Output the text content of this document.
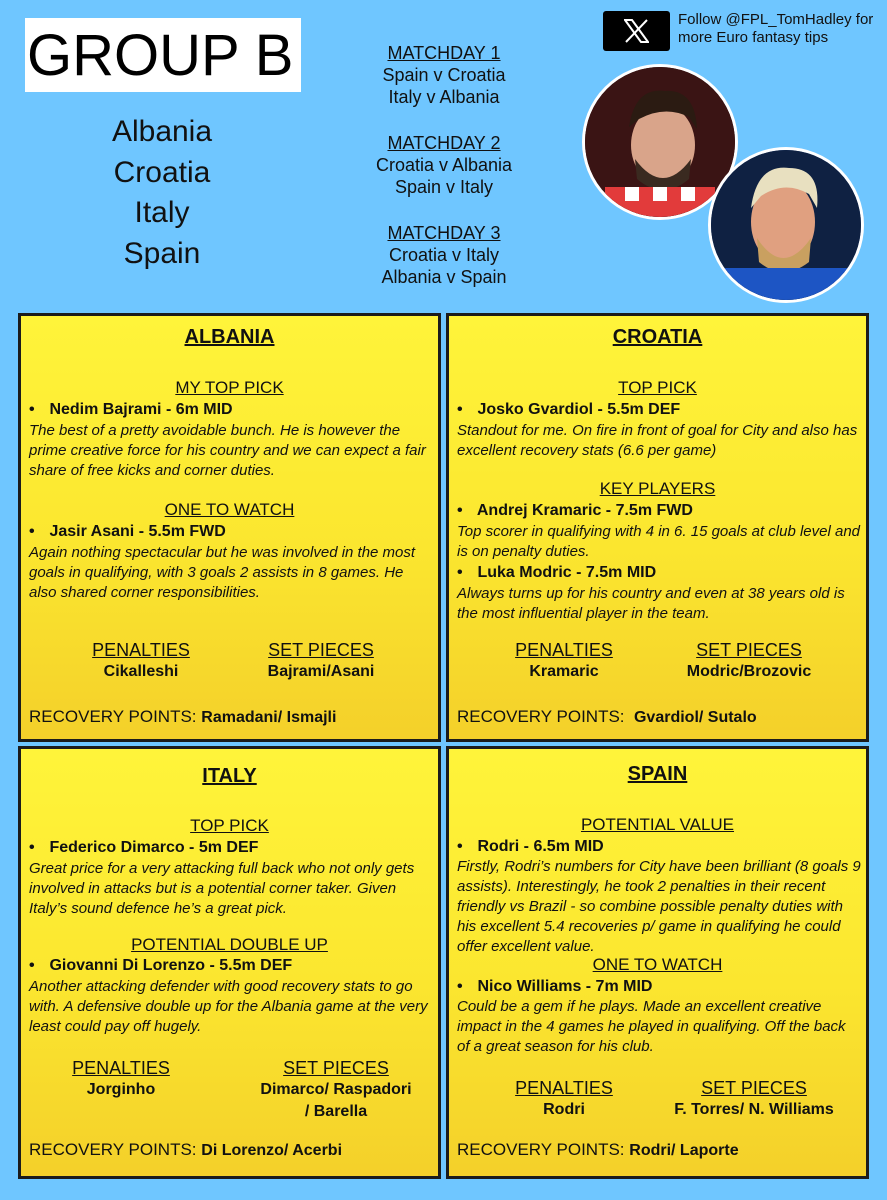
GROUP B
Albania
Croatia
Italy
Spain
MATCHDAY 1
Spain v Croatia
Italy v Albania
MATCHDAY 2
Croatia v Albania
Spain v Italy
MATCHDAY 3
Croatia v Italy
Albania v Spain
Follow @FPL_TomHadley for more Euro fantasy tips
ALBANIA
MY TOP PICK
• Nedim Bajrami - 6m MID
The best of a pretty avoidable bunch. He is however the prime creative force for his country and we can expect a fair share of free kicks and corner duties.
ONE TO WATCH
• Jasir Asani - 5.5m FWD
Again nothing spectacular but he was involved in the most goals in qualifying, with 3 goals 2 assists in 8 games. He also shared corner responsibilities.
PENALTIES
Cikalleshi
SET PIECES
Bajrami/Asani
RECOVERY POINTS: Ramadani/ Ismajli
CROATIA
TOP PICK
• Josko Gvardiol - 5.5m DEF
Standout for me. On fire in front of goal for City and also has excellent recovery stats (6.6 per game)
KEY PLAYERS
• Andrej Kramaric - 7.5m FWD
Top scorer in qualifying with 4 in 6. 15 goals at club level and is on penalty duties.
• Luka Modric - 7.5m MID
Always turns up for his country and even at 38 years old is the most influential player in the team.
PENALTIES
Kramaric
SET PIECES
Modric/Brozovic
RECOVERY POINTS: Gvardiol/ Sutalo
ITALY
TOP PICK
• Federico Dimarco - 5m DEF
Great price for a very attacking full back who not only gets involved in attacks but is a potential corner taker. Given Italy’s sound defence he’s a great pick.
POTENTIAL DOUBLE UP
• Giovanni Di Lorenzo - 5.5m DEF
Another attacking defender with good recovery stats to go with. A defensive double up for the Albania game at the very least could pay off hugely.
PENALTIES
Jorginho
SET PIECES
Dimarco/ Raspadori
/ Barella
RECOVERY POINTS: Di Lorenzo/ Acerbi
SPAIN
POTENTIAL VALUE
• Rodri - 6.5m MID
Firstly, Rodri’s numbers for City have been brilliant (8 goals 9 assists). Interestingly, he took 2 penalties in their recent friendly vs Brazil - so combine possible penalty duties with his excellent 5.4 recoveries p/ game in qualifying he could offer excellent value.
ONE TO WATCH
• Nico Williams - 7m MID
Could be a gem if he plays. Made an excellent creative impact in the 4 games he played in qualifying. Off the back of a great season for his club.
PENALTIES
Rodri
SET PIECES
F. Torres/ N. Williams
RECOVERY POINTS: Rodri/ Laporte
